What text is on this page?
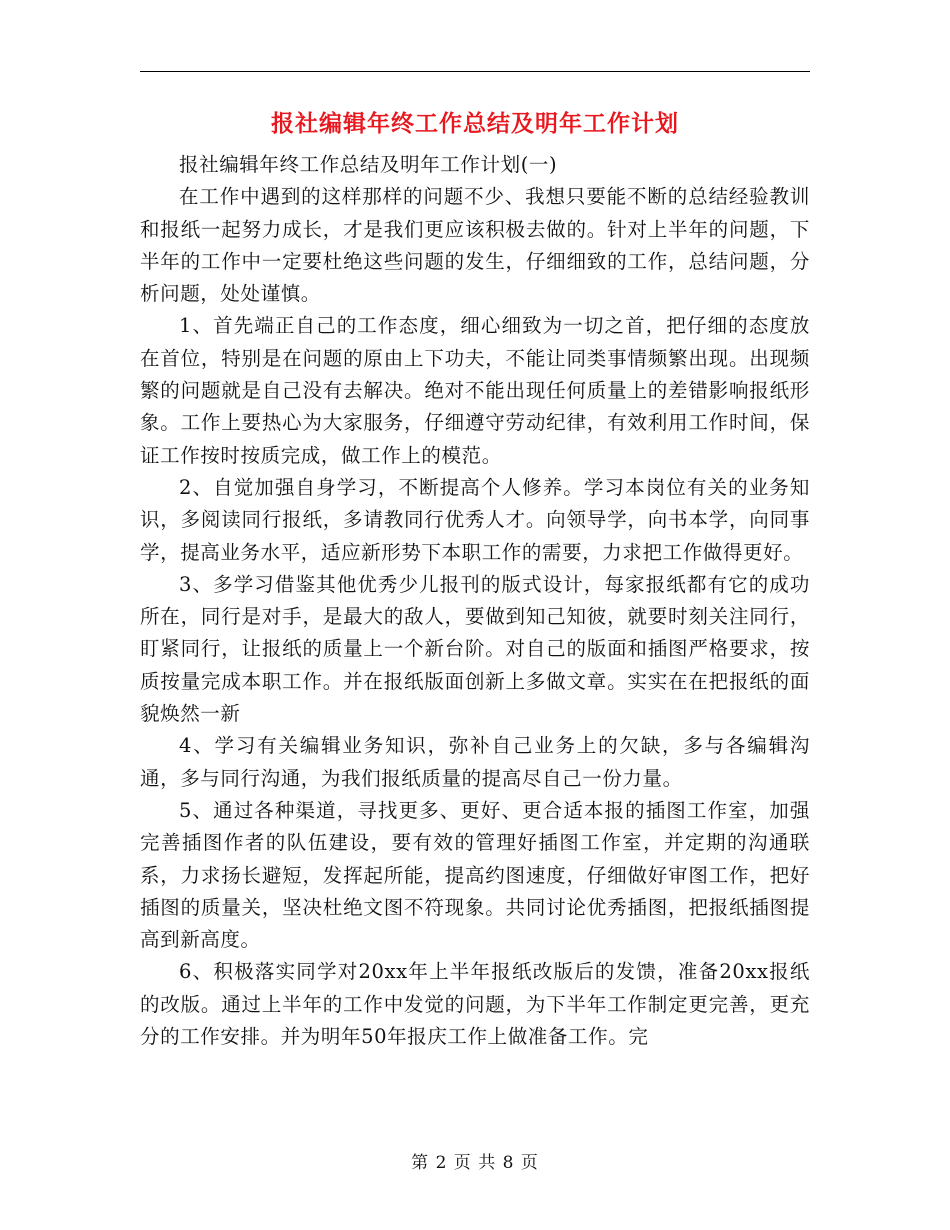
报社编辑年终工作总结及明年工作计划

报社编辑年终工作总结及明年工作计划(一)

在工作中遇到的这样那样的问题不少、我想只要能不断的总结经验教训和报纸一起努力成长，才是我们更应该积极去做的。针对上半年的问题，下半年的工作中一定要杜绝这些问题的发生，仔细细致的工作，总结问题，分析问题，处处谨慎。

1、首先端正自己的工作态度，细心细致为一切之首，把仔细的态度放在首位，特别是在问题的原由上下功夫，不能让同类事情频繁出现。出现频繁的问题就是自己没有去解决。绝对不能出现任何质量上的差错影响报纸形象。工作上要热心为大家服务，仔细遵守劳动纪律，有效利用工作时间，保证工作按时按质完成，做工作上的模范。

2、自觉加强自身学习，不断提高个人修养。学习本岗位有关的业务知识，多阅读同行报纸，多请教同行优秀人才。向领导学，向书本学，向同事学，提高业务水平，适应新形势下本职工作的需要，力求把工作做得更好。

3、多学习借鉴其他优秀少儿报刊的版式设计，每家报纸都有它的成功所在，同行是对手，是最大的敌人，要做到知己知彼，就要时刻关注同行，盯紧同行，让报纸的质量上一个新台阶。对自己的版面和插图严格要求，按质按量完成本职工作。并在报纸版面创新上多做文章。实实在在把报纸的面貌焕然一新

4、学习有关编辑业务知识，弥补自己业务上的欠缺，多与各编辑沟通，多与同行沟通，为我们报纸质量的提高尽自己一份力量。

5、通过各种渠道，寻找更多、更好、更合适本报的插图工作室，加强完善插图作者的队伍建设，要有效的管理好插图工作室，并定期的沟通联系，力求扬长避短，发挥起所能，提高约图速度，仔细做好审图工作，把好插图的质量关，坚决杜绝文图不符现象。共同讨论优秀插图，把报纸插图提高到新高度。

6、积极落实同学对20xx年上半年报纸改版后的发馈，准备20xx报纸的改版。通过上半年的工作中发觉的问题，为下半年工作制定更完善，更充分的工作安排。并为明年50年报庆工作上做准备工作。完

第 2 页 共 8 页
